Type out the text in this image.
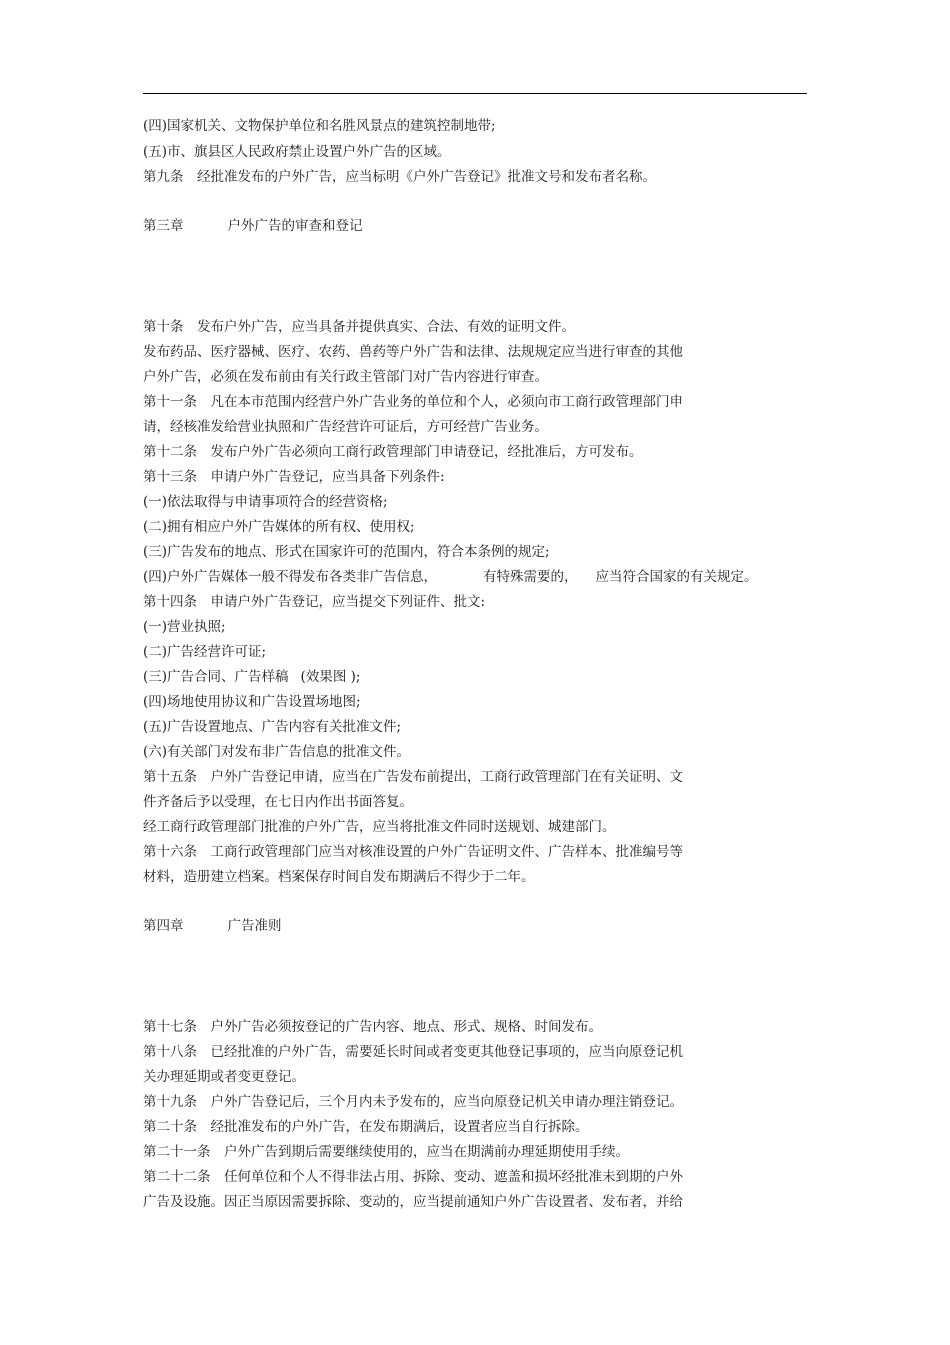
(四)国家机关、文物保护单位和名胜风景点的建筑控制地带;
(五)市、旗县区人民政府禁止设置户外广告的区域。
第九条　经批准发布的户外广告，应当标明《户外广告登记》批准文号和发布者名称。
第三章	户外广告的审查和登记
第十条　发布户外广告，应当具备并提供真实、合法、有效的证明文件。
发布药品、医疗器械、医疗、农药、兽药等户外广告和法律、法规规定应当进行审查的其他
户外广告，必须在发布前由有关行政主管部门对广告内容进行审查。
第十一条　凡在本市范围内经营户外广告业务的单位和个人，必须向市工商行政管理部门申
请，经核准发给营业执照和广告经营许可证后，方可经营广告业务。
第十二条　发布户外广告必须向工商行政管理部门申请登记，经批准后，方可发布。
第十三条　申请户外广告登记，应当具备下列条件:
(一)依法取得与申请事项符合的经营资格;
(二)拥有相应户外广告媒体的所有权、使用权;
(三)广告发布的地点、形式在国家许可的范围内，符合本条例的规定;
(四)户外广告媒体一般不得发布各类非广告信息，	有特殊需要的， 应当符合国家的有关规定。
第十四条　申请户外广告登记，应当提交下列证件、批文:
(一)营业执照;
(二)广告经营许可证;
(三)广告合同、广告样稿 (效果图 );
(四)场地使用协议和广告设置场地图;
(五)广告设置地点、广告内容有关批准文件;
(六)有关部门对发布非广告信息的批准文件。
第十五条　户外广告登记申请，应当在广告发布前提出，工商行政管理部门在有关证明、文
件齐备后予以受理，在七日内作出书面答复。
经工商行政管理部门批准的户外广告，应当将批准文件同时送规划、城建部门。
第十六条　工商行政管理部门应当对核准设置的户外广告证明文件、广告样本、批准编号等
材料，造册建立档案。档案保存时间自发布期满后不得少于二年。
第四章	广告准则
第十七条　户外广告必须按登记的广告内容、地点、形式、规格、时间发布。
第十八条　已经批准的户外广告，需要延长时间或者变更其他登记事项的，应当向原登记机
关办理延期或者变更登记。
第十九条　户外广告登记后，三个月内未予发布的，应当向原登记机关申请办理注销登记。
第二十条　经批准发布的户外广告，在发布期满后，设置者应当自行拆除。
第二十一条　户外广告到期后需要继续使用的，应当在期满前办理延期使用手续。
第二十二条　任何单位和个人不得非法占用、拆除、变动、遮盖和损坏经批准未到期的户外
广告及设施。因正当原因需要拆除、变动的，应当提前通知户外广告设置者、发布者，并给
